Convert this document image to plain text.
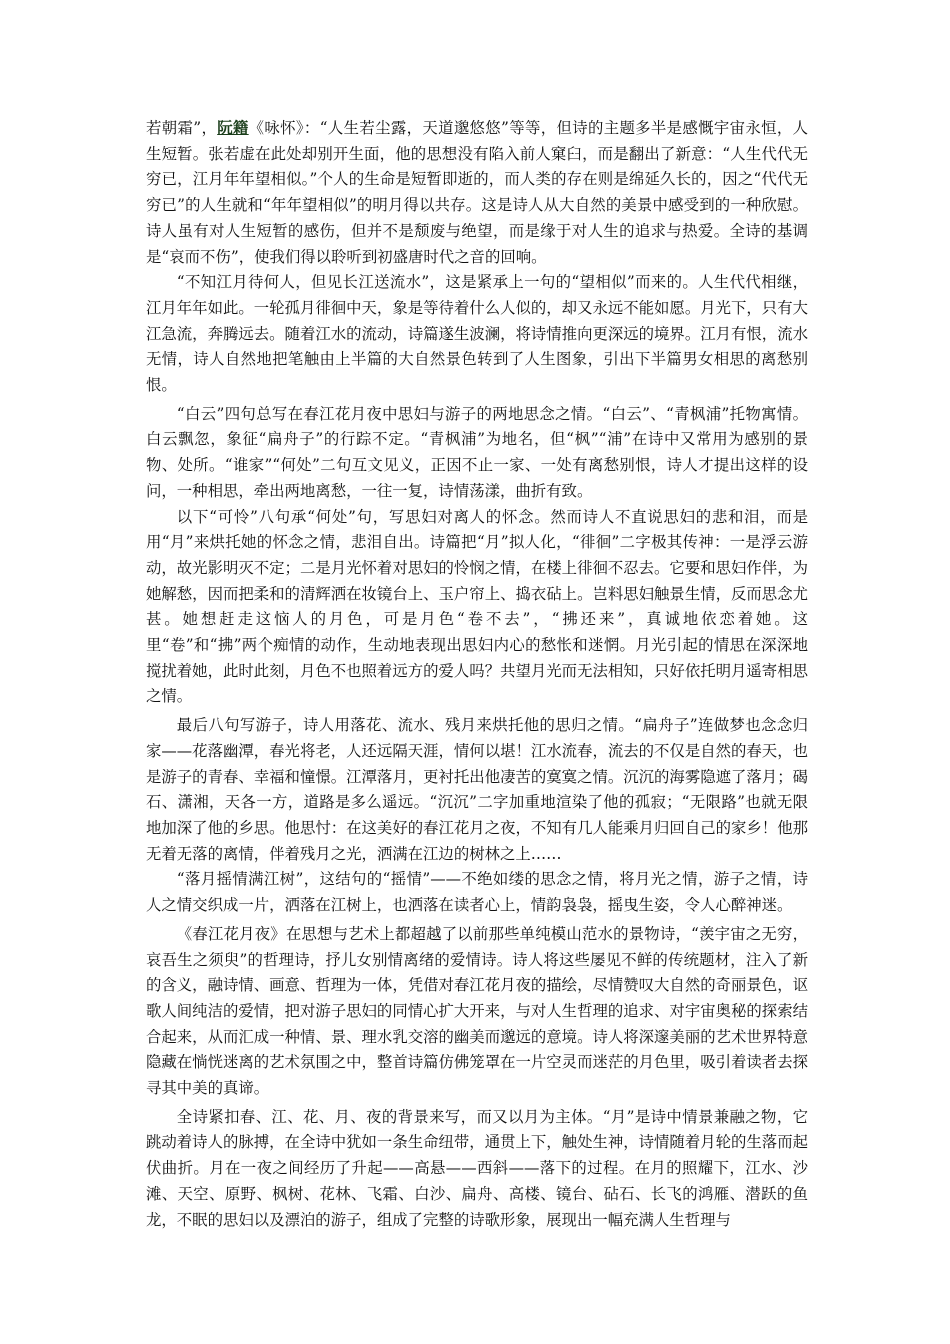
若朝霜”，阮籍《咏怀》：“人生若尘露，天道邈悠悠”等等，但诗的主题多半是感慨宇宙永恒，人生短暂。张若虚在此处却别开生面，他的思想没有陷入前人窠臼，而是翻出了新意：“人生代代无穷已，江月年年望相似。”个人的生命是短暂即逝的，而人类的存在则是绵延久长的，因之“代代无穷已”的人生就和“年年望相似”的明月得以共存。这是诗人从大自然的美景中感受到的一种欣慰。诗人虽有对人生短暂的感伤，但并不是颓废与绝望，而是缘于对人生的追求与热爱。全诗的基调是“哀而不伤”，使我们得以聆听到初盛唐时代之音的回响。

“不知江月待何人，但见长江送流水”，这是紧承上一句的“望相似”而来的。人生代代相继，江月年年如此。一轮孤月徘徊中天，象是等待着什么人似的，却又永远不能如愿。月光下，只有大江急流，奔腾远去。随着江水的流动，诗篇遂生波澜，将诗情推向更深远的境界。江月有恨，流水无情，诗人自然地把笔触由上半篇的大自然景色转到了人生图象，引出下半篇男女相思的离愁别恨。

“白云”四句总写在春江花月夜中思妇与游子的两地思念之情。“白云”、“青枫浦”托物寓情。白云飘忽，象征“扁舟子”的行踪不定。“青枫浦”为地名，但“枫”“浦”在诗中又常用为感别的景物、处所。“谁家”“何处”二句互文见义，正因不止一家、一处有离愁别恨，诗人才提出这样的设问，一种相思，牵出两地离愁，一往一复，诗情荡漾，曲折有致。

以下“可怜”八句承“何处”句，写思妇对离人的怀念。然而诗人不直说思妇的悲和泪，而是用“月”来烘托她的怀念之情，悲泪自出。诗篇把“月”拟人化，“徘徊”二字极其传神：一是浮云游动，故光影明灭不定；二是月光怀着对思妇的怜悯之情，在楼上徘徊不忍去。它要和思妇作伴，为她解愁，因而把柔和的清辉洒在妆镜台上、玉户帘上、捣衣砧上。岂料思妇触景生情，反而思念尤甚。她想赶走这恼人的月色，可是月色“卷不去”，“拂还来”，真诚地依恋着她。这里“卷”和“拂”两个痴情的动作，生动地表现出思妇内心的愁怅和迷惘。月光引起的情思在深深地搅扰着她，此时此刻，月色不也照着远方的爱人吗？共望月光而无法相知，只好依托明月遥寄相思之情。

最后八句写游子，诗人用落花、流水、残月来烘托他的思归之情。“扁舟子”连做梦也念念归家——花落幽潭，春光将老，人还远隔天涯，情何以堪！江水流春，流去的不仅是自然的春天，也是游子的青春、幸福和憧憬。江潭落月，更衬托出他凄苦的寞寞之情。沉沉的海雾隐遮了落月；碣石、潇湘，天各一方，道路是多么遥远。“沉沉”二字加重地渲染了他的孤寂；“无限路”也就无限地加深了他的乡思。他思忖：在这美好的春江花月之夜，不知有几人能乘月归回自己的家乡！他那无着无落的离情，伴着残月之光，洒满在江边的树林之上……

“落月摇情满江树”，这结句的“摇情”——不绝如缕的思念之情，将月光之情，游子之情，诗人之情交织成一片，洒落在江树上，也洒落在读者心上，情韵袅袅，摇曳生姿，令人心醉神迷。

《春江花月夜》在思想与艺术上都超越了以前那些单纯模山范水的景物诗，“羡宇宙之无穷，哀吾生之须臾”的哲理诗，抒儿女别情离绪的爱情诗。诗人将这些屡见不鲜的传统题材，注入了新的含义，融诗情、画意、哲理为一体，凭借对春江花月夜的描绘，尽情赞叹大自然的奇丽景色，讴歌人间纯洁的爱情，把对游子思妇的同情心扩大开来，与对人生哲理的追求、对宇宙奥秘的探索结合起来，从而汇成一种情、景、理水乳交溶的幽美而邈远的意境。诗人将深邃美丽的艺术世界特意隐藏在惝恍迷离的艺术氛围之中，整首诗篇仿佛笼罩在一片空灵而迷茫的月色里，吸引着读者去探寻其中美的真谛。

全诗紧扣春、江、花、月、夜的背景来写，而又以月为主体。“月”是诗中情景兼融之物，它跳动着诗人的脉搏，在全诗中犹如一条生命纽带，通贯上下，触处生神，诗情随着月轮的生落而起伏曲折。月在一夜之间经历了升起——高悬——西斜——落下的过程。在月的照耀下，江水、沙滩、天空、原野、枫树、花林、飞霜、白沙、扁舟、高楼、镜台、砧石、长飞的鸿雁、潜跃的鱼龙，不眠的思妇以及漂泊的游子，组成了完整的诗歌形象，展现出一幅充满人生哲理与
